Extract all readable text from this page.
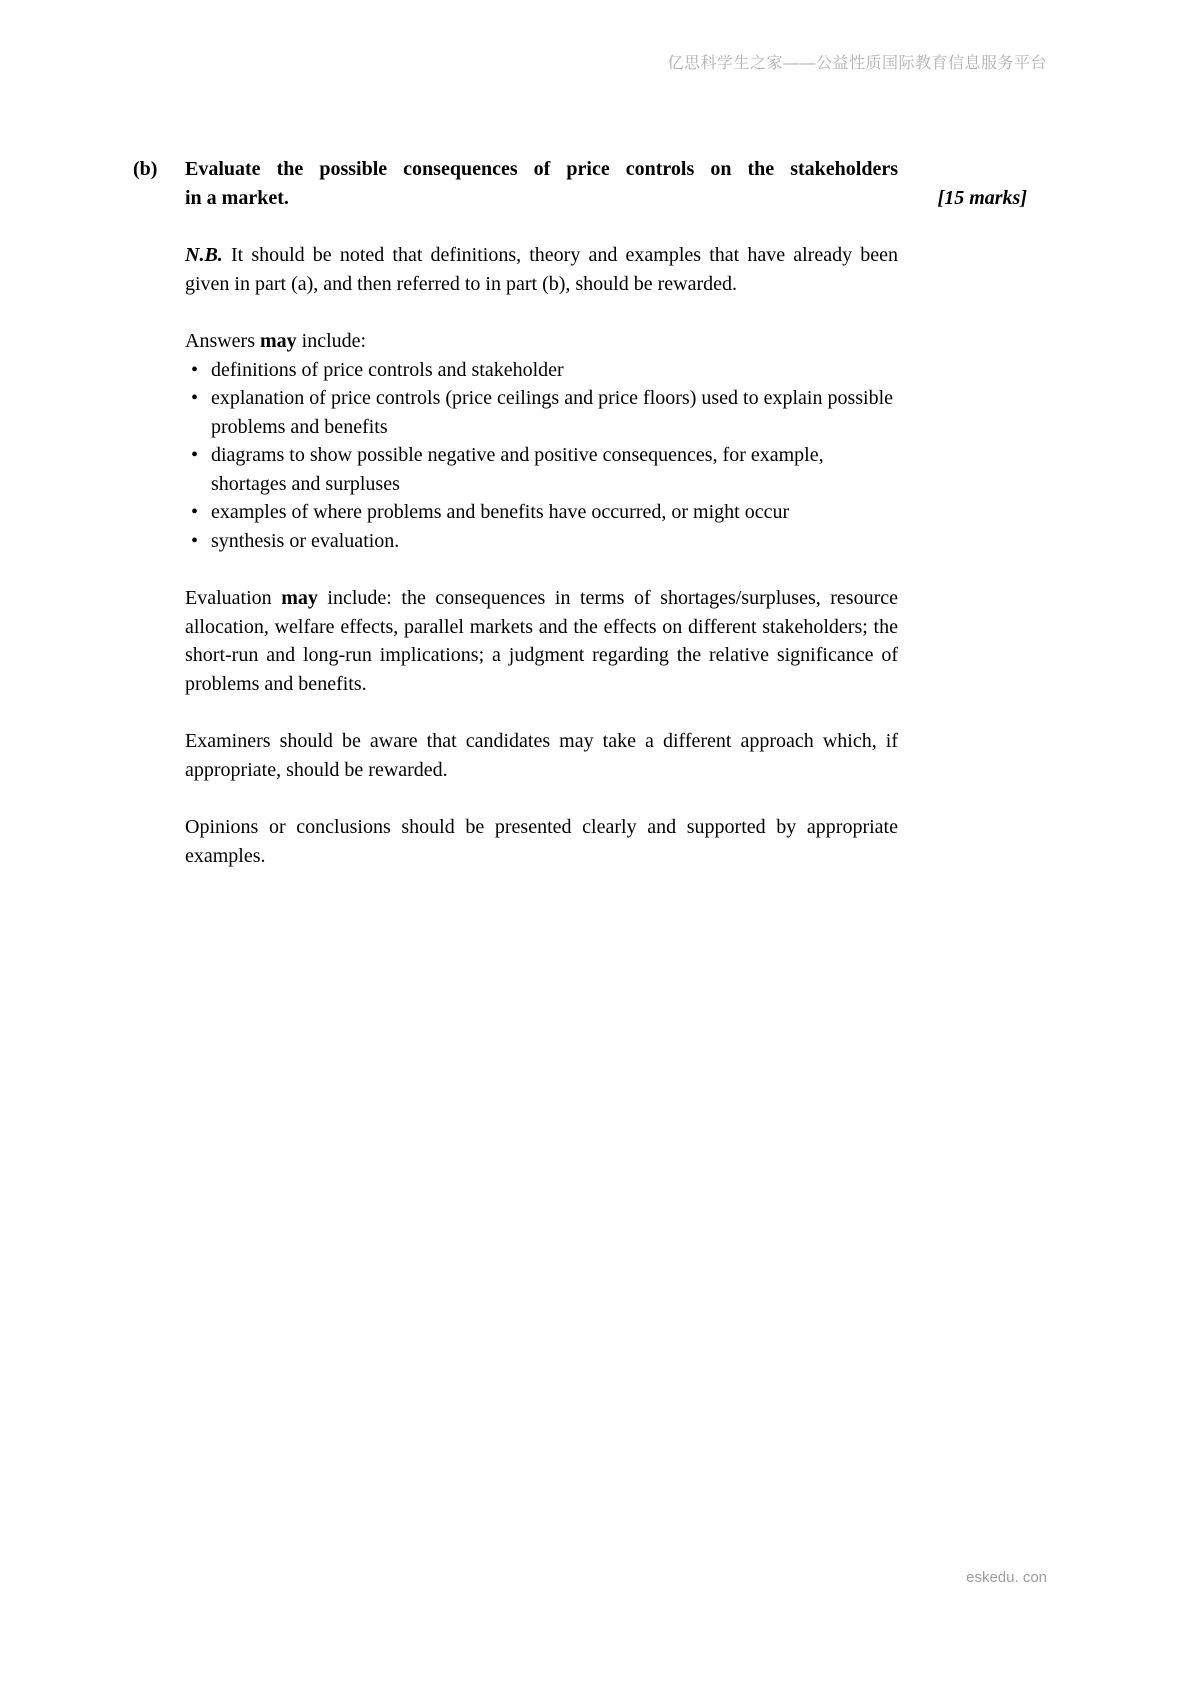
亿思科学生之家——公益性质国际教育信息服务平台
(b) Evaluate the possible consequences of price controls on the stakeholders
in a market.	[15 marks]

N.B. It should be noted that definitions, theory and examples that have already been given in part (a), and then referred to in part (b), should be rewarded.

Answers may include:

• definitions of price controls and stakeholder
• explanation of price controls (price ceilings and price floors) used to explain possible problems and benefits
• diagrams to show possible negative and positive consequences, for example, shortages and surpluses
• examples of where problems and benefits have occurred, or might occur
• synthesis or evaluation.

Evaluation may include: the consequences in terms of shortages/surpluses, resource allocation, welfare effects, parallel markets and the effects on different stakeholders; the short-run and long-run implications; a judgment regarding the relative significance of problems and benefits.

Examiners should be aware that candidates may take a different approach which, if appropriate, should be rewarded.

Opinions or conclusions should be presented clearly and supported by appropriate examples.

eskedu. con
